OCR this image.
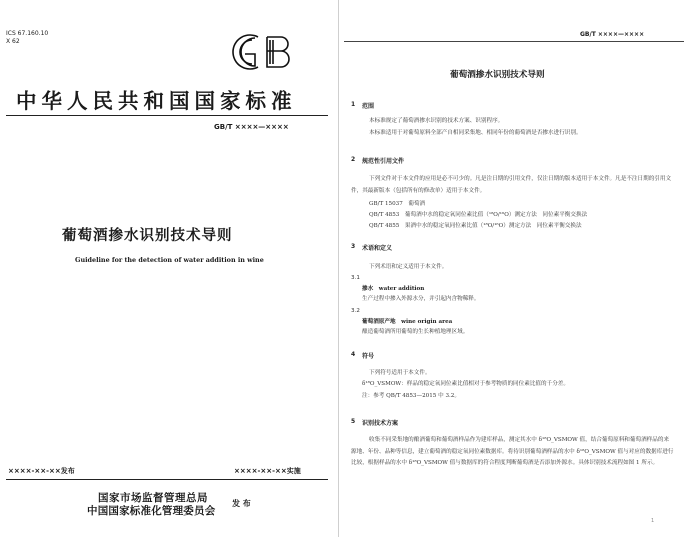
ICS 67.160.10
X 62
中华人民共和国国家标准
GB/T ××××—××××
葡萄酒掺水识别技术导则
Guideline for the detection of water addition in wine
××××-××-××发布	××××-××-××实施
国家市场监督管理总局
中国国家标准化管理委员会
发 布
GB/T ××××—××××
葡萄酒掺水识别技术导则
1 范围
本标准规定了葡萄酒掺水识别的技术方案、识别程序。
本标准适用于对葡萄原料全部产自相同采集地、相同年份的葡萄酒是否掺水进行识别。
2 规范性引用文件
下列文件对于本文件的应用是必不可少的。凡是注日期的引用文件，仅注日期的版本适用于本文件。凡是不注日期的引用文件，其最新版本（包括所有的修改单）适用于本文件。
GB/T 15037　葡萄酒
QB/T 4853　葡萄酒中水的稳定氧同位素比值（¹⁸O/¹⁶O）测定方法　同位素平衡交换法
QB/T 4855　果酒中水的稳定氧同位素比值（¹⁸O/¹⁶O）测定方法　同位素平衡交换法
3 术语和定义
下列术语和定义适用于本文件。
3.1
掺水　water addition
生产过程中掺入外源水分，并引起内含物稀释。
3.2
葡萄酒原产地　wine origin area
酿造葡萄酒所用葡萄的生长种植地理区域。
4 符号
下列符号适用于本文件。
δ¹⁸O_VSMOW：样品的稳定氧同位素比值相对于参考物质的同位素比值的千分差。
注：参考 QB/T 4853—2015 中 3.2。
5 识别技术方案
收集不同采集地的酿酒葡萄和葡萄酒样品作为建库样品，测定其水中 δ¹⁸O_VSMOW 值，结合葡萄原料和葡萄酒样品的来源地、年份、品种等信息，建立葡萄酒的稳定氧同位素数据库。将待识别葡萄酒样品的水中 δ¹⁸O_VSMOW 值与对应的数据库进行比较，根据样品的水中 δ¹⁸O_VSMOW 值与数据库的符合程度判断葡萄酒是否添加外源水。具体识别技术流程如图 1 所示。
1
